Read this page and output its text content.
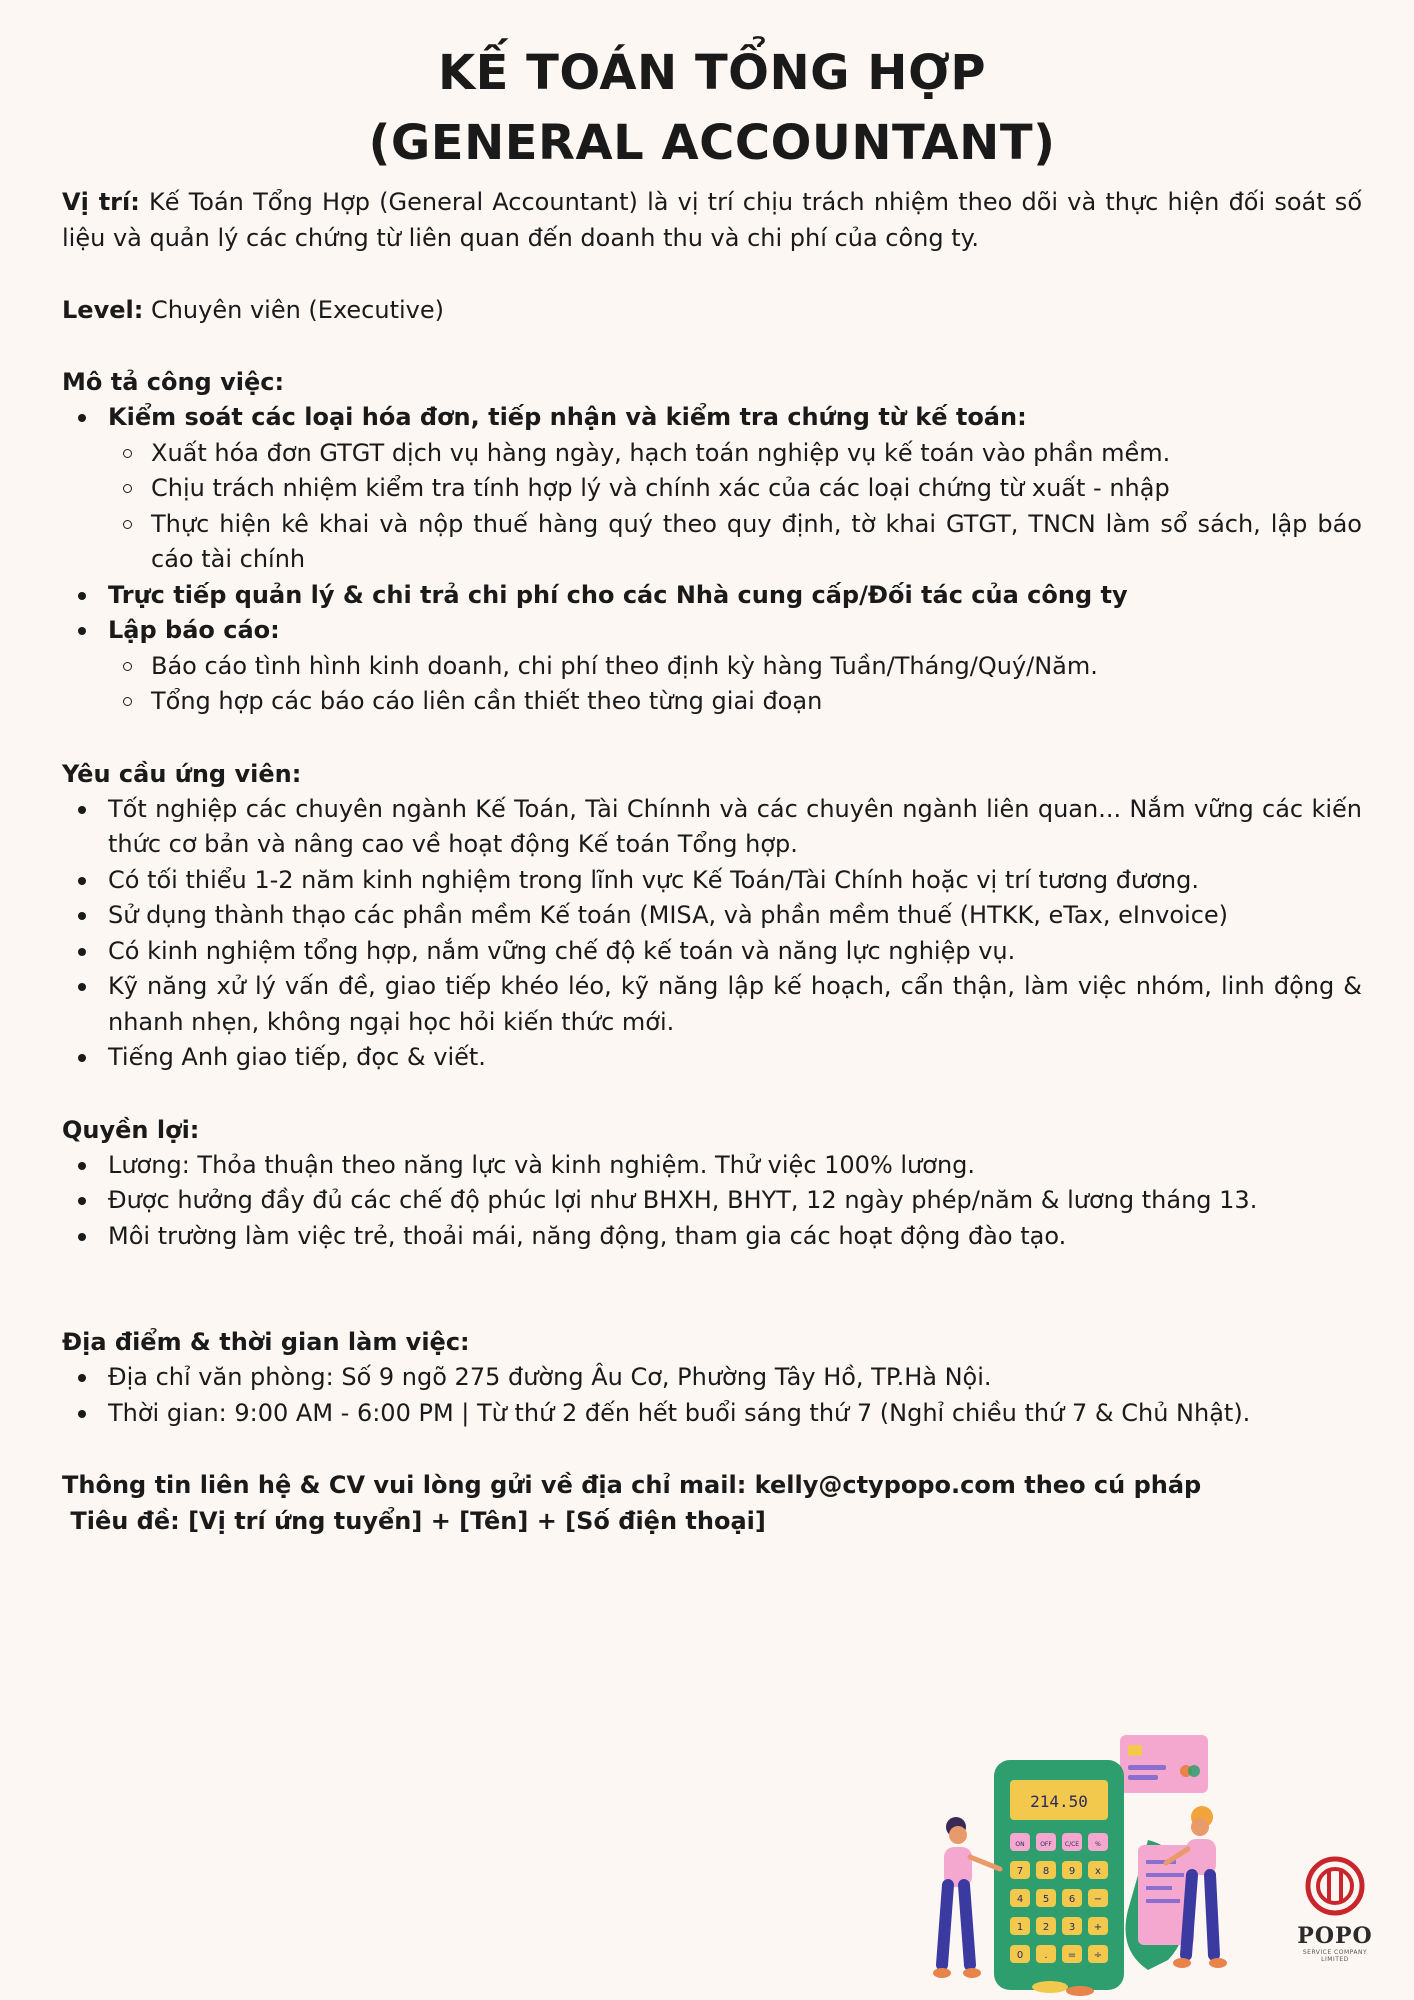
KẾ TOÁN TỔNG HỢP
(GENERAL ACCOUNTANT)

Vị trí: Kế Toán Tổng Hợp (General Accountant) là vị trí chịu trách nhiệm theo dõi và thực hiện đối soát số liệu và quản lý các chứng từ liên quan đến doanh thu và chi phí của công ty.

Level: Chuyên viên (Executive)

Mô tả công việc:

Kiểm soát các loại hóa đơn, tiếp nhận và kiểm tra chứng từ kế toán:
Xuất hóa đơn GTGT dịch vụ hàng ngày, hạch toán nghiệp vụ kế toán vào phần mềm.
Chịu trách nhiệm kiểm tra tính hợp lý và chính xác của các loại chứng từ xuất - nhập
Thực hiện kê khai và nộp thuế hàng quý theo quy định, tờ khai GTGT, TNCN làm sổ sách, lập báo cáo tài chính
Trực tiếp quản lý & chi trả chi phí cho các Nhà cung cấp/Đối tác của công ty
Lập báo cáo:
Báo cáo tình hình kinh doanh, chi phí theo định kỳ hàng Tuần/Tháng/Quý/Năm.
Tổng hợp các báo cáo liên cần thiết theo từng giai đoạn

Yêu cầu ứng viên:

Tốt nghiệp các chuyên ngành Kế Toán, Tài Chínnh và các chuyên ngành liên quan... Nắm vững các kiến thức cơ bản và nâng cao về hoạt động Kế toán Tổng hợp.
Có tối thiểu 1-2 năm kinh nghiệm trong lĩnh vực Kế Toán/Tài Chính hoặc vị trí tương đương.
Sử dụng thành thạo các phần mềm Kế toán (MISA, và phần mềm thuế (HTKK, eTax, eInvoice)
Có kinh nghiệm tổng hợp, nắm vững chế độ kế toán và năng lực nghiệp vụ.
Kỹ năng xử lý vấn đề, giao tiếp khéo léo, kỹ năng lập kế hoạch, cẩn thận, làm việc nhóm, linh động & nhanh nhẹn, không ngại học hỏi kiến thức mới.
Tiếng Anh giao tiếp, đọc & viết.

Quyền lợi:

Lương: Thỏa thuận theo năng lực và kinh nghiệm. Thử việc 100% lương.
Được hưởng đầy đủ các chế độ phúc lợi như BHXH, BHYT, 12 ngày phép/năm & lương tháng 13.
Môi trường làm việc trẻ, thoải mái, năng động, tham gia các hoạt động đào tạo.

Địa điểm & thời gian làm việc:

Địa chỉ văn phòng: Số 9 ngõ 275 đường Âu Cơ, Phường Tây Hồ, TP.Hà Nội.
Thời gian: 9:00 AM - 6:00 PM | Từ thứ 2 đến hết buổi sáng thứ 7 (Nghỉ chiều thứ 7 & Chủ Nhật).

Thông tin liên hệ & CV vui lòng gửi về địa chỉ mail: kelly@ctypopo.com theo cú pháp

Tiêu đề: [Vị trí ứng tuyển] + [Tên] + [Số điện thoại]

214.50
ON	OFF C/CE	%
7 8 9 x
4 5 6 −
1 2 3 +
0 . = ÷
POPO
SERVICE COMPANY LIMITED
